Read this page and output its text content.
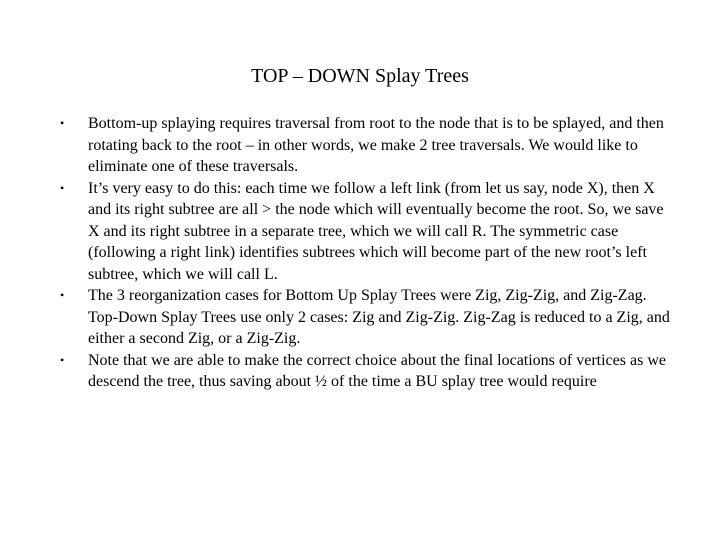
TOP – DOWN Splay Trees
•	Bottom-up splaying requires traversal from root to the node that is to be splayed, and then rotating back to the root – in other words, we make 2 tree traversals. We would like to eliminate one of these traversals.
•	It’s very easy to do this: each time we follow a left link (from let us say, node X), then X and its right subtree are all > the node which will eventually become the root. So, we save X and its right subtree in a separate tree, which we will call R. The symmetric case (following a right link) identifies subtrees which will become part of the new root’s left subtree, which we will call L.
•	The 3 reorganization cases for Bottom Up Splay Trees were Zig, Zig-Zig, and Zig-Zag. Top-Down Splay Trees use only 2 cases: Zig and Zig-Zig. Zig-Zag is reduced to a Zig, and either a second Zig, or a Zig-Zig.
•	Note that we are able to make the correct choice about the final locations of vertices as we descend the tree, thus saving about ½ of the time a BU splay tree would require
